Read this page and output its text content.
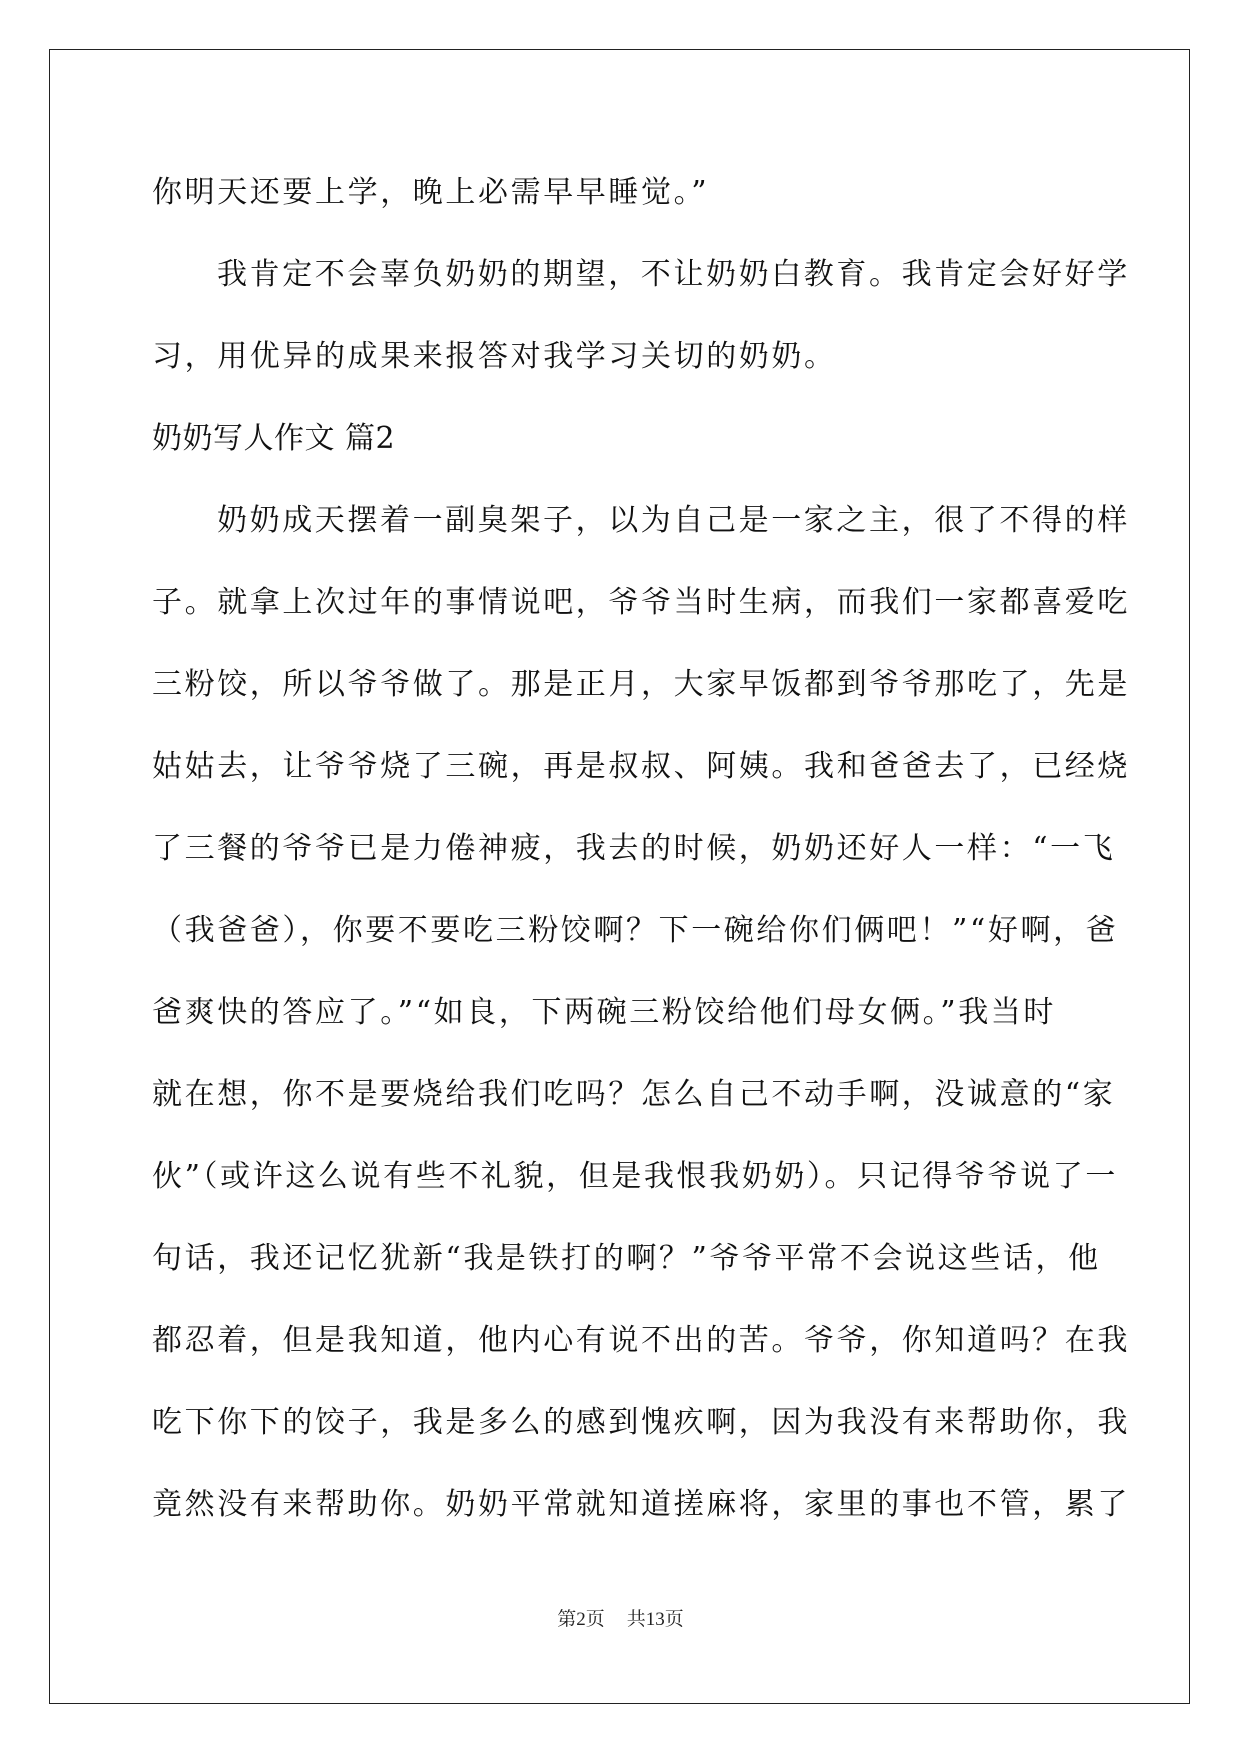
你明天还要上学，晚上必需早早睡觉。”
我肯定不会辜负奶奶的期望，不让奶奶白教育。我肯定会好好学
习，用优异的成果来报答对我学习关切的奶奶。
奶奶写人作文 篇2
奶奶成天摆着一副臭架子，以为自己是一家之主，很了不得的样
子。就拿上次过年的事情说吧，爷爷当时生病，而我们一家都喜爱吃
三粉饺，所以爷爷做了。那是正月，大家早饭都到爷爷那吃了，先是
姑姑去，让爷爷烧了三碗，再是叔叔、阿姨。我和爸爸去了，已经烧
了三餐的爷爷已是力倦神疲，我去的时候，奶奶还好人一样：“一飞
（我爸爸），你要不要吃三粉饺啊？下一碗给你们俩吧！”“好啊，爸
爸爽快的答应了。”“如良，下两碗三粉饺给他们母女俩。”我当时
就在想，你不是要烧给我们吃吗？怎么自己不动手啊，没诚意的“家
伙”（或许这么说有些不礼貌，但是我恨我奶奶）。只记得爷爷说了一
句话，我还记忆犹新“我是铁打的啊？”爷爷平常不会说这些话，他
都忍着，但是我知道，他内心有说不出的苦。爷爷，你知道吗？在我
吃下你下的饺子，我是多么的感到愧疚啊，因为我没有来帮助你，我
竟然没有来帮助你。奶奶平常就知道搓麻将，家里的事也不管，累了
第2页 共13页
